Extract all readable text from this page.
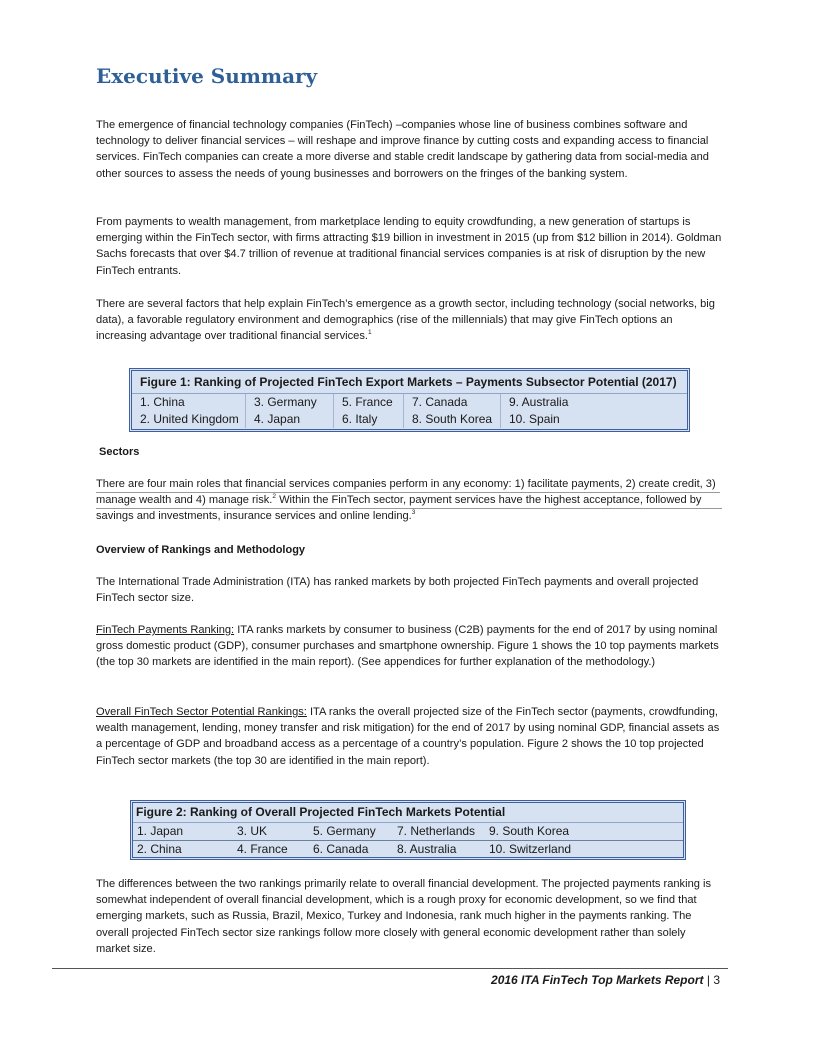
Executive Summary

The emergence of financial technology companies (FinTech) –companies whose line of business combines software and technology to deliver financial services – will reshape and improve finance by cutting costs and expanding access to financial services. FinTech companies can create a more diverse and stable credit landscape by gathering data from social-media and other sources to assess the needs of young businesses and borrowers on the fringes of the banking system.

From payments to wealth management, from marketplace lending to equity crowdfunding, a new generation of startups is emerging within the FinTech sector, with firms attracting $19 billion in investment in 2015 (up from $12 billion in 2014). Goldman Sachs forecasts that over $4.7 trillion of revenue at traditional financial services companies is at risk of disruption by the new FinTech entrants.

There are several factors that help explain FinTech’s emergence as a growth sector, including technology (social networks, big data), a favorable regulatory environment and demographics (rise of the millennials) that may give FinTech options an increasing advantage over traditional financial services.$^1$

Figure 1: Ranking of Projected FinTech Export Markets – Payments Subsector Potential (2017)
1. China	3. Germany	5. France	7. Canada	9. Australia
2. United Kingdom	4. Japan	6. Italy	8. South Korea	10. Spain

Sectors

There are four main roles that financial services companies perform in any economy: 1) facilitate payments, 2) create credit, 3) manage wealth and 4) manage risk.$^2$ Within the FinTech sector, payment services have the highest acceptance, followed by savings and investments, insurance services and online lending.$^3$

Overview of Rankings and Methodology

The International Trade Administration (ITA) has ranked markets by both projected FinTech payments and overall projected FinTech sector size.

FinTech Payments Ranking: ITA ranks markets by consumer to business (C2B) payments for the end of 2017 by using nominal gross domestic product (GDP), consumer purchases and smartphone ownership. Figure 1 shows the 10 top payments markets (the top 30 markets are identified in the main report). (See appendices for further explanation of the methodology.)

Overall FinTech Sector Potential Rankings: ITA ranks the overall projected size of the FinTech sector (payments, crowdfunding, wealth management, lending, money transfer and risk mitigation) for the end of 2017 by using nominal GDP, financial assets as a percentage of GDP and broadband access as a percentage of a country’s population. Figure 2 shows the 10 top projected FinTech sector markets (the top 30 are identified in the main report).

Figure 2: Ranking of Overall Projected FinTech Markets Potential
1. Japan	3. UK	5. Germany	7. Netherlands	9. South Korea
2. China	4. France	6. Canada	8. Australia	10. Switzerland

The differences between the two rankings primarily relate to overall financial development. The projected payments ranking is somewhat independent of overall financial development, which is a rough proxy for economic development, so we find that emerging markets, such as Russia, Brazil, Mexico, Turkey and Indonesia, rank much higher in the payments ranking. The overall projected FinTech sector size rankings follow more closely with general economic development rather than solely market size.

2016 ITA FinTech Top Markets Report | 3
